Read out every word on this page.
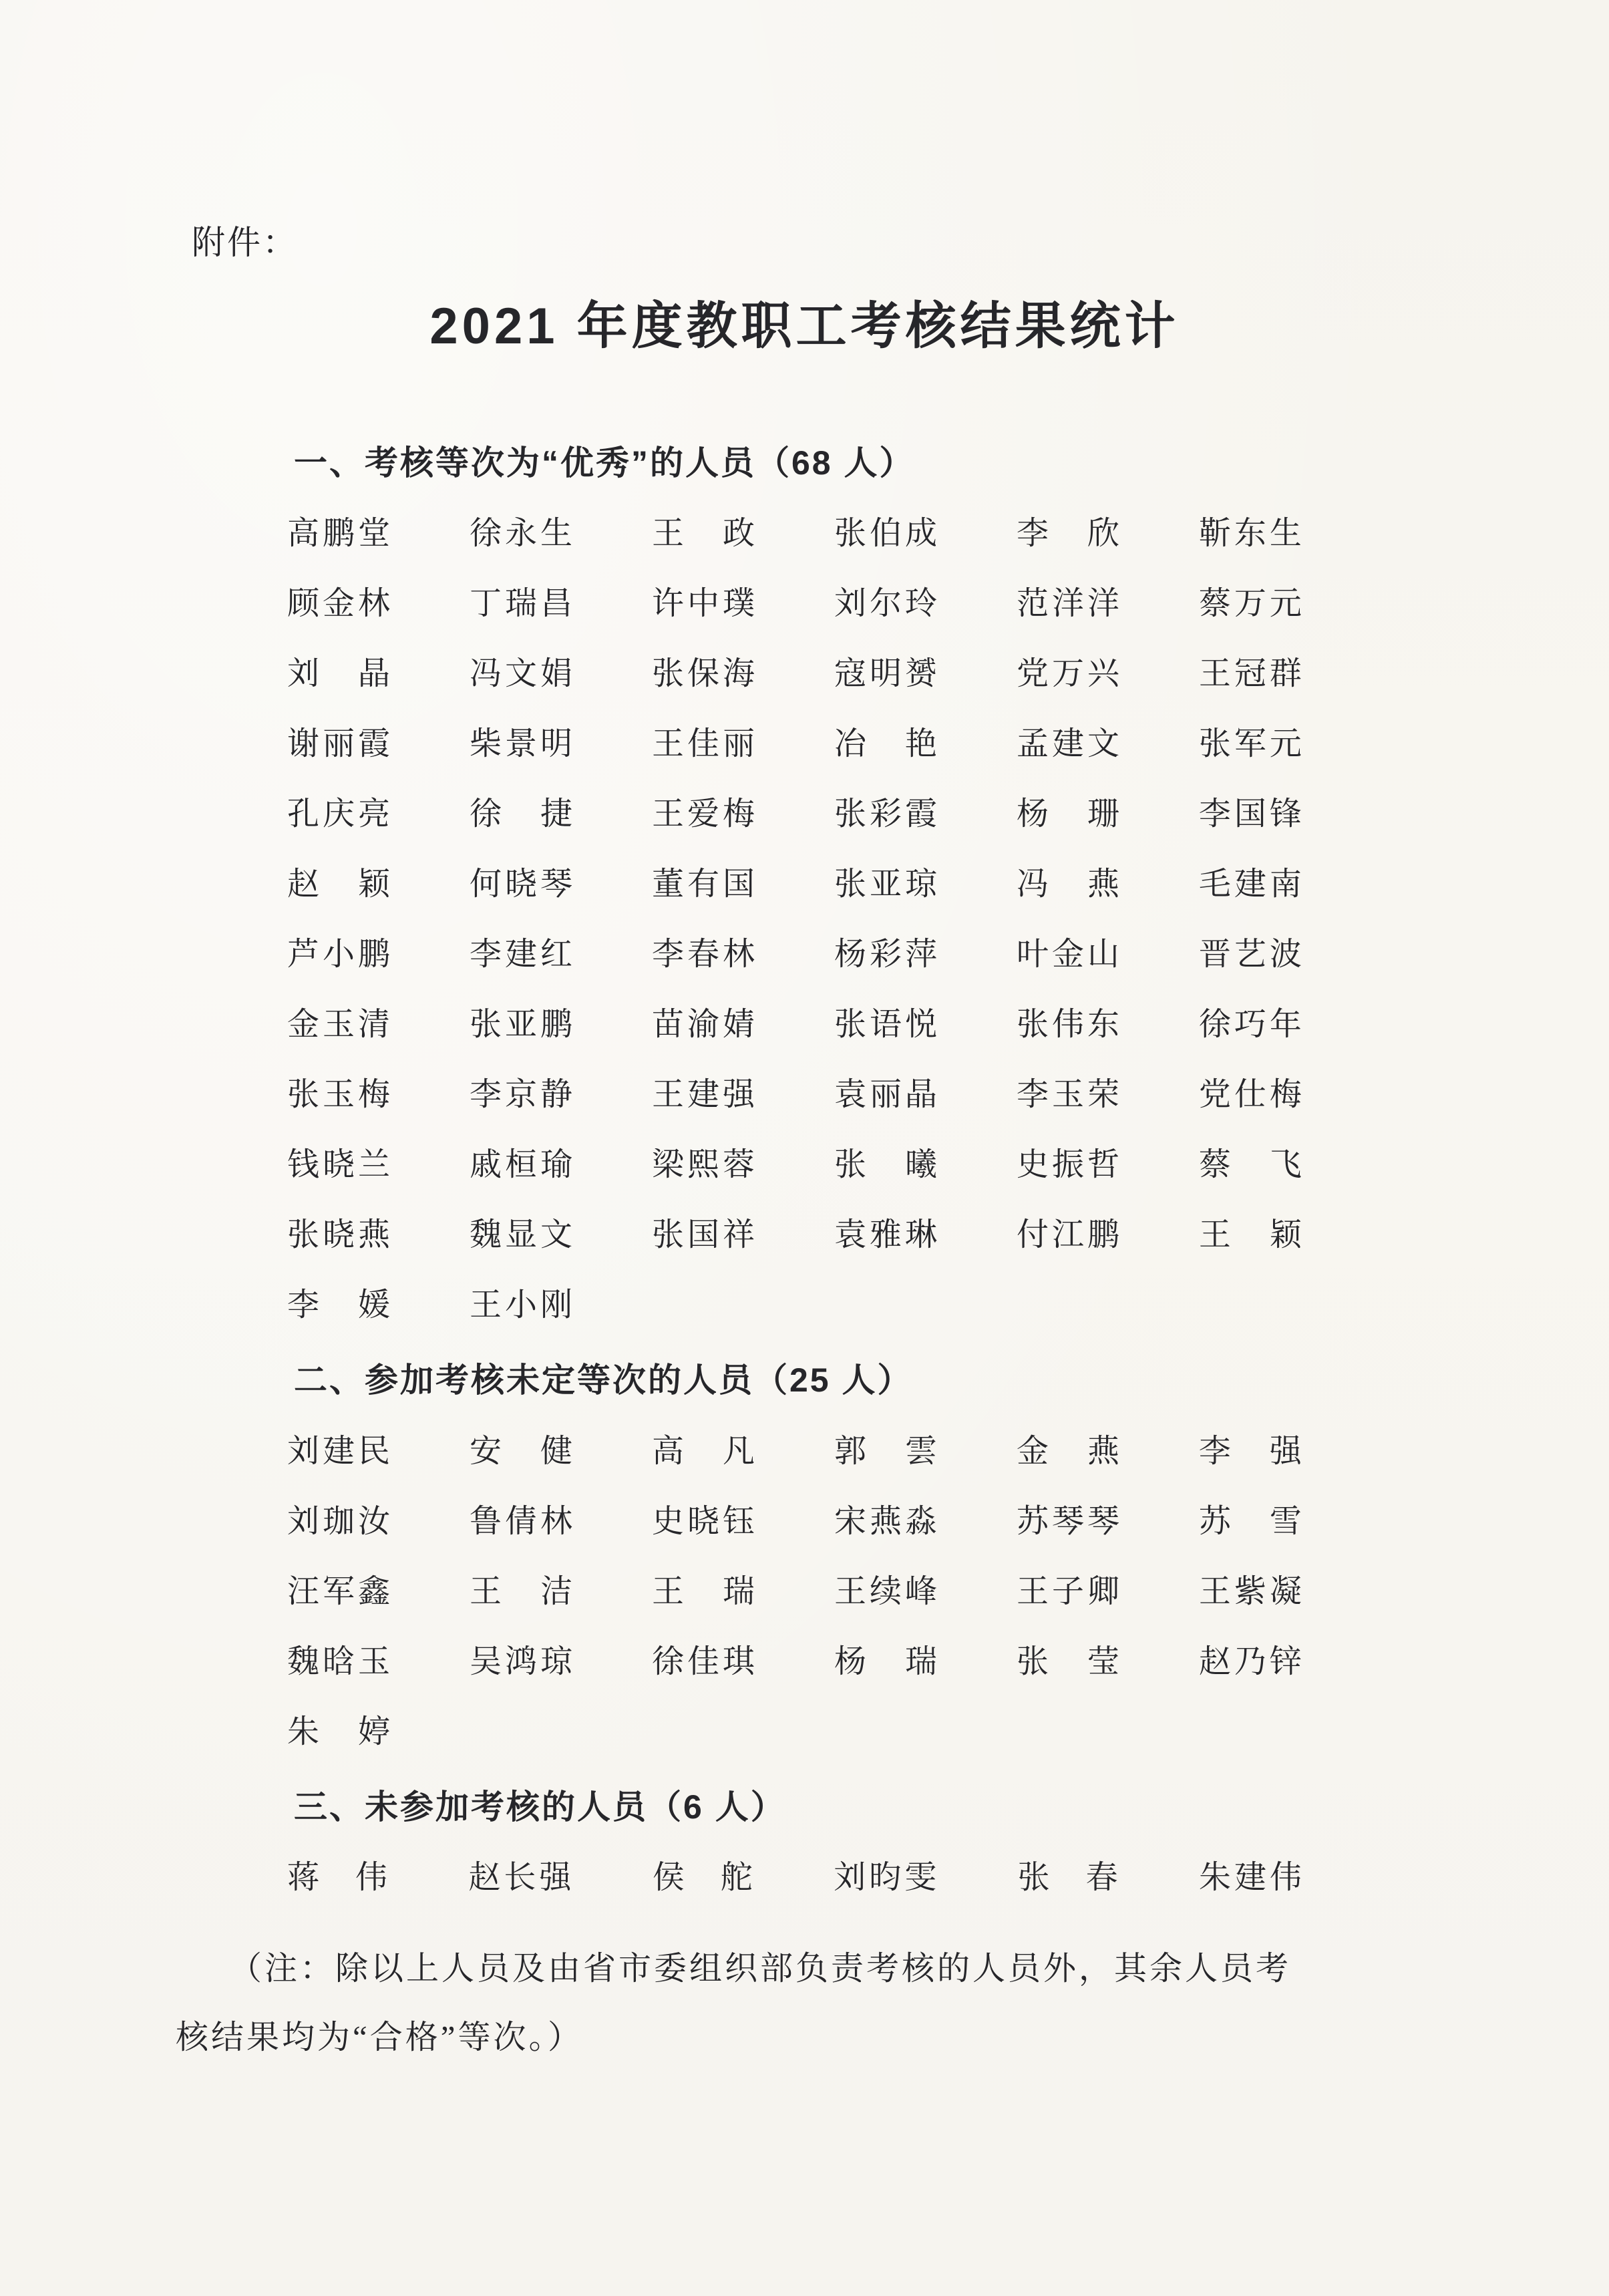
附件：
2021 年度教职工考核结果统计
一、考核等次为“优秀”的人员（68 人）
高鹏堂 徐永生 王政 张伯成 李欣 靳东生
顾金林 丁瑞昌 许中璞 刘尔玲 范洋洋 蔡万元
刘晶 冯文娟 张保海 寇明赟 党万兴 王冠群
谢丽霞 柴景明 王佳丽 冶艳 孟建文 张军元
孔庆亮 徐捷 王爱梅 张彩霞 杨珊 李国锋
赵颖 何晓琴 董有国 张亚琼 冯燕 毛建南
芦小鹏 李建红 李春林 杨彩萍 叶金山 晋艺波
金玉清 张亚鹏 苗渝婧 张语悦 张伟东 徐巧年
张玉梅 李京静 王建强 袁丽晶 李玉荣 党仕梅
钱晓兰 戚桓瑜 梁熙蓉 张曦 史振哲 蔡飞
张晓燕 魏显文 张国祥 袁雅琳 付江鹏 王颖
李媛 王小刚
二、参加考核未定等次的人员（25 人）
刘建民 安健 高凡 郭雲 金燕 李强
刘珈汝 鲁倩林 史晓钰 宋燕淼 苏琴琴 苏雪
汪军鑫 王洁 王瑞 王续峰 王子卿 王紫凝
魏晗玉 吴鸿琼 徐佳琪 杨瑞 张莹 赵乃锌
朱婷
三、未参加考核的人员（6 人）
蒋伟 赵长强 侯舵 刘昀雯 张春 朱建伟

（注：除以上人员及由省市委组织部负责考核的人员外，其余人员考核结果均为“合格”等次。）
